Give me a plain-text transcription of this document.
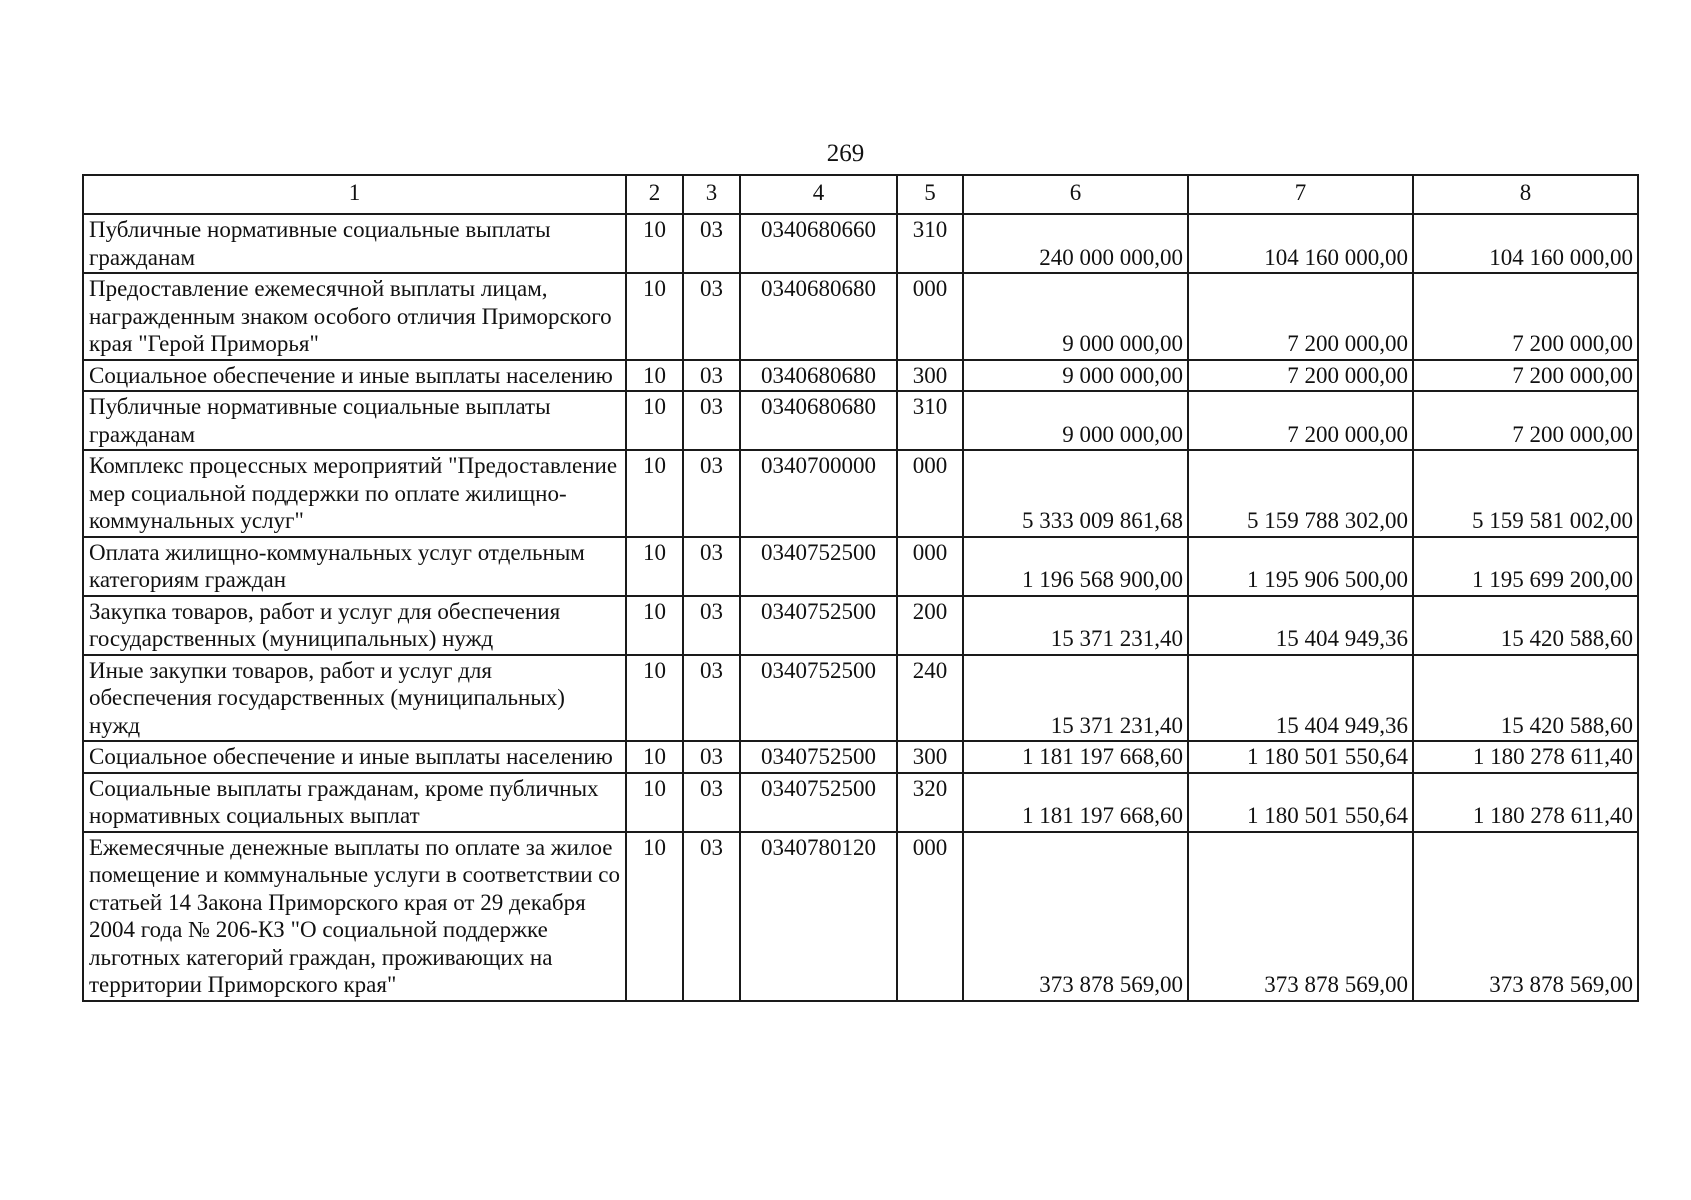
269
1	2	3	4	5	6	7	8
Публичные нормативные социальные выплаты гражданам	10	03	0340680660	310	240 000 000,00	104 160 000,00	104 160 000,00
Предоставление ежемесячной выплаты лицам, награжденным знаком особого отличия Приморского края "Герой Приморья"	10	03	0340680680	000	9 000 000,00	7 200 000,00	7 200 000,00
Социальное обеспечение и иные выплаты населению	10	03	0340680680	300	9 000 000,00	7 200 000,00	7 200 000,00
Публичные нормативные социальные выплаты гражданам	10	03	0340680680	310	9 000 000,00	7 200 000,00	7 200 000,00
Комплекс процессных мероприятий "Предоставление мер социальной поддержки по оплате жилищно-коммунальных услуг"	10	03	0340700000	000	5 333 009 861,68	5 159 788 302,00	5 159 581 002,00
Оплата жилищно-коммунальных услуг отдельным категориям граждан	10	03	0340752500	000	1 196 568 900,00	1 195 906 500,00	1 195 699 200,00
Закупка товаров, работ и услуг для обеспечения государственных (муниципальных) нужд	10	03	0340752500	200	15 371 231,40	15 404 949,36	15 420 588,60
Иные закупки товаров, работ и услуг для обеспечения государственных (муниципальных) нужд	10	03	0340752500	240	15 371 231,40	15 404 949,36	15 420 588,60
Социальное обеспечение и иные выплаты населению	10	03	0340752500	300	1 181 197 668,60	1 180 501 550,64	1 180 278 611,40
Социальные выплаты гражданам, кроме публичных нормативных социальных выплат	10	03	0340752500	320	1 181 197 668,60	1 180 501 550,64	1 180 278 611,40
Ежемесячные денежные выплаты по оплате за жилое помещение и коммунальные услуги в соответствии со статьей 14 Закона Приморского края от 29 декабря 2004 года № 206-КЗ "О социальной поддержке льготных категорий граждан, проживающих на территории Приморского края"	10	03	0340780120	000	373 878 569,00	373 878 569,00	373 878 569,00
